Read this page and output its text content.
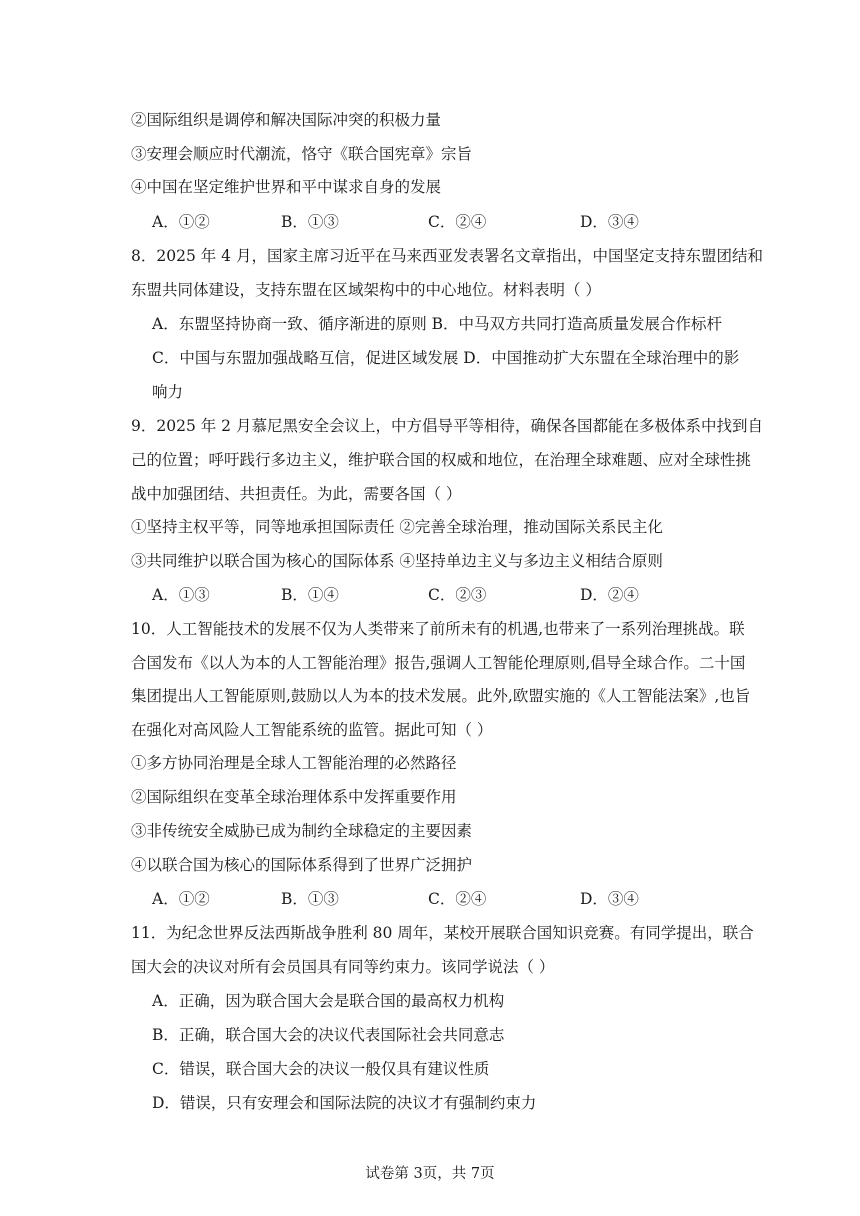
②国际组织是调停和解决国际冲突的积极力量
③安理会顺应时代潮流，恪守《联合国宪章》宗旨
④中国在坚定维护世界和平中谋求自身的发展
A．①②	B．①③	C．②④	D．③④
8．2025 年 4 月，国家主席习近平在马来西亚发表署名文章指出，中国坚定支持东盟团结和
东盟共同体建设，支持东盟在区域架构中的中心地位。材料表明（ ）
A．东盟坚持协商一致、循序渐进的原则 B．中马双方共同打造高质量发展合作标杆
C．中国与东盟加强战略互信，促进区域发展 D．中国推动扩大东盟在全球治理中的影
响力
9．2025 年 2 月慕尼黑安全会议上，中方倡导平等相待，确保各国都能在多极体系中找到自
己的位置；呼吁践行多边主义，维护联合国的权威和地位，在治理全球难题、应对全球性挑
战中加强团结、共担责任。为此，需要各国（ ）
①坚持主权平等，同等地承担国际责任 ②完善全球治理，推动国际关系民主化
③共同维护以联合国为核心的国际体系 ④坚持单边主义与多边主义相结合原则
A．①③	B．①④	C．②③	D．②④
10．人工智能技术的发展不仅为人类带来了前所未有的机遇,也带来了一系列治理挑战。联
合国发布《以人为本的人工智能治理》报告,强调人工智能伦理原则,倡导全球合作。二十国
集团提出人工智能原则,鼓励以人为本的技术发展。此外,欧盟实施的《人工智能法案》,也旨
在强化对高风险人工智能系统的监管。据此可知（ ）
①多方协同治理是全球人工智能治理的必然路径
②国际组织在变革全球治理体系中发挥重要作用
③非传统安全威胁已成为制约全球稳定的主要因素
④以联合国为核心的国际体系得到了世界广泛拥护
A．①②	B．①③	C．②④	D．③④
11．为纪念世界反法西斯战争胜利 80 周年，某校开展联合国知识竞赛。有同学提出，联合
国大会的决议对所有会员国具有同等约束力。该同学说法（ ）
A．正确，因为联合国大会是联合国的最高权力机构
B．正确，联合国大会的决议代表国际社会共同意志
C．错误，联合国大会的决议一般仅具有建议性质
D．错误，只有安理会和国际法院的决议才有强制约束力
试卷第 3页，共 7页
